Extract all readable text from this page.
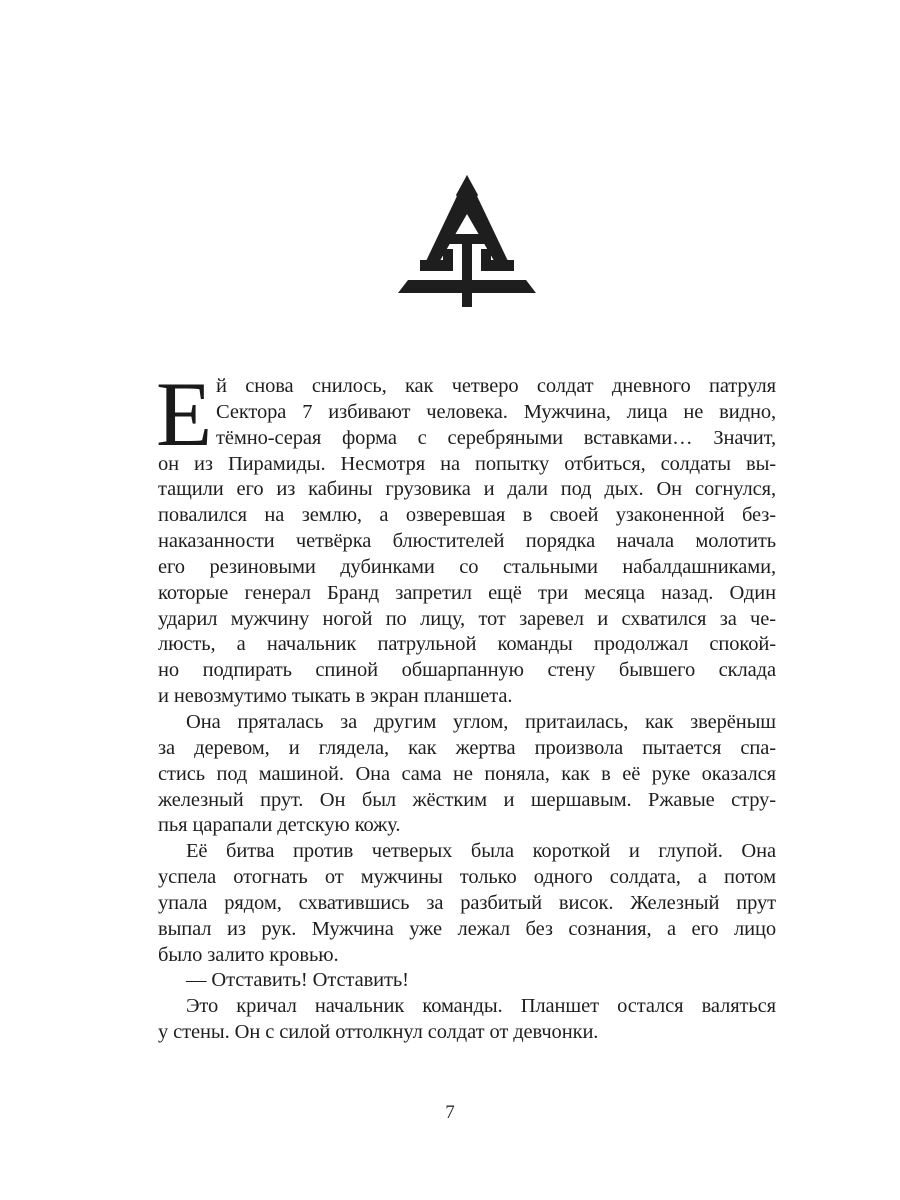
Е й снова снилось, как четверо солдат дневного патруля
Сектора 7 избивают человека. Мужчина, лица не видно,
тёмно-серая форма с серебряными вставками… Значит,
он из Пирамиды. Несмотря на попытку отбиться, солдаты вы-
тащили его из кабины грузовика и дали под дых. Он согнулся,
повалился на землю, а озверевшая в своей узаконенной без-
наказанности четвёрка блюстителей порядка начала молотить
его резиновыми дубинками со стальными набалдашниками,
которые генерал Бранд запретил ещё три месяца назад. Один
ударил мужчину ногой по лицу, тот заревел и схватился за че-
люсть, а начальник патрульной команды продолжал спокой-
но подпирать спиной обшарпанную стену бывшего склада
и невозмутимо тыкать в экран планшета.
Она пряталась за другим углом, притаилась, как зверёныш
за деревом, и глядела, как жертва произвола пытается спа-
стись под машиной. Она сама не поняла, как в её руке оказался
железный прут. Он был жёстким и шершавым. Ржавые стру-
пья царапали детскую кожу.
Её битва против четверых была короткой и глупой. Она
успела отогнать от мужчины только одного солдата, а потом
упала рядом, схватившись за разбитый висок. Железный прут
выпал из рук. Мужчина уже лежал без сознания, а его лицо
было залито кровью.
— Отставить! Отставить!
Это кричал начальник команды. Планшет остался валяться
у стены. Он с силой оттолкнул солдат от девчонки.
7
